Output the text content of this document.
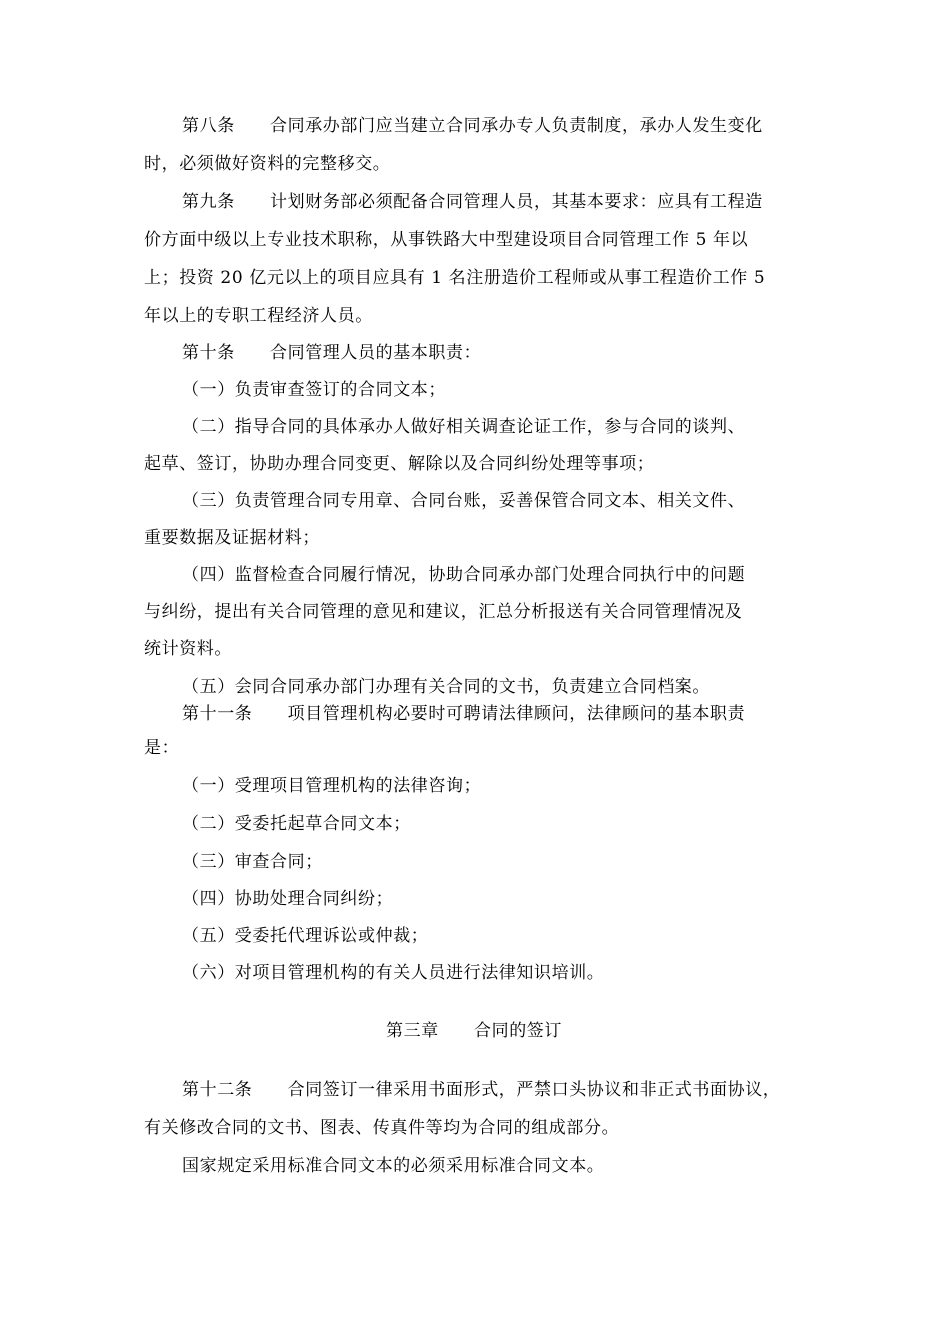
第八条　　合同承办部门应当建立合同承办专人负责制度，承办人发生变化
时，必须做好资料的完整移交。
第九条　　计划财务部必须配备合同管理人员，其基本要求：应具有工程造
价方面中级以上专业技术职称，从事铁路大中型建设项目合同管理工作 5 年以
上；投资 20 亿元以上的项目应具有 1 名注册造价工程师或从事工程造价工作 5
年以上的专职工程经济人员。
第十条　　合同管理人员的基本职责：
（一）负责审查签订的合同文本；
（二）指导合同的具体承办人做好相关调查论证工作，参与合同的谈判、
起草、签订，协助办理合同变更、解除以及合同纠纷处理等事项；
（三）负责管理合同专用章、合同台账，妥善保管合同文本、相关文件、
重要数据及证据材料；
（四）监督检查合同履行情况，协助合同承办部门处理合同执行中的问题
与纠纷，提出有关合同管理的意见和建议，汇总分析报送有关合同管理情况及
统计资料。
（五）会同合同承办部门办理有关合同的文书，负责建立合同档案。
第十一条　　项目管理机构必要时可聘请法律顾问，法律顾问的基本职责
是：
（一）受理项目管理机构的法律咨询；
（二）受委托起草合同文本；
（三）审查合同；
（四）协助处理合同纠纷；
（五）受委托代理诉讼或仲裁；
（六）对项目管理机构的有关人员进行法律知识培训。
第三章　　合同的签订
第十二条　　合同签订一律采用书面形式，严禁口头协议和非正式书面协议，
有关修改合同的文书、图表、传真件等均为合同的组成部分。
国家规定采用标准合同文本的必须采用标准合同文本。
